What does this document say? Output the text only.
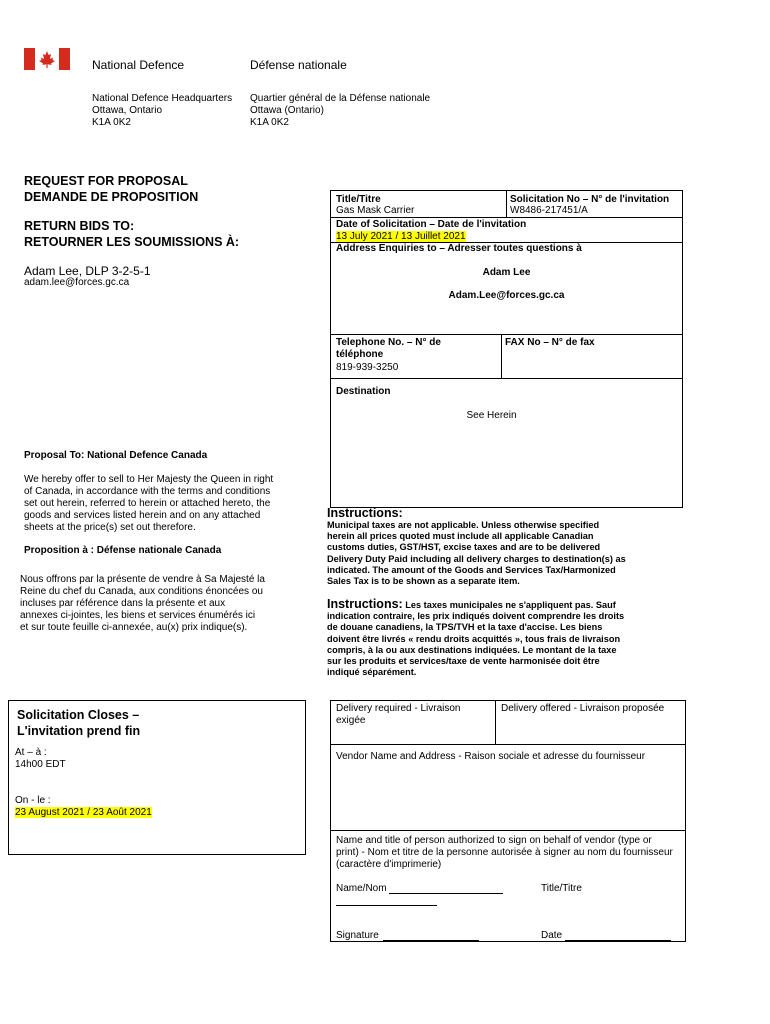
National Defence	Défense nationale
National Defence Headquarters
Ottawa, Ontario
K1A 0K2
Quartier général de la Défense nationale
Ottawa (Ontario)
K1A 0K2
REQUEST FOR PROPOSAL
DEMANDE DE PROPOSITION
RETURN BIDS TO:
RETOURNER LES SOUMISSIONS À:
Adam Lee, DLP 3-2-5-1
adam.lee@forces.gc.ca
Proposal To: National Defence Canada
We hereby offer to sell to Her Majesty the Queen in right of Canada, in accordance with the terms and conditions set out herein, referred to herein or attached hereto, the goods and services listed herein and on any attached sheets at the price(s) set out therefore.
Proposition à : Défense nationale Canada
Nous offrons par la présente de vendre à Sa Majesté la Reine du chef du Canada, aux conditions énoncées ou incluses par référence dans la présente et aux annexes ci-jointes, les biens et services énumérés ici et sur toute feuille ci-annexée, au(x) prix indique(s).
Solicitation Closes –
L'invitation prend fin
At – à :
14h00 EDT
On - le :
23 August 2021 / 23 Août 2021
Title/Titre
Gas Mask Carrier
Solicitation No – N° de l'invitation
W8486-217451/A
Date of Solicitation – Date de l'invitation
13 July 2021 / 13 Juillet 2021
Address Enquiries to – Adresser toutes questions à
Adam Lee
Adam.Lee@forces.gc.ca
Telephone No. – N° de téléphone
819-939-3250
FAX No – N° de fax
Destination
See Herein
Instructions:
Municipal taxes are not applicable. Unless otherwise specified herein all prices quoted must include all applicable Canadian customs duties, GST/HST, excise taxes and are to be delivered Delivery Duty Paid including all delivery charges to destination(s) as indicated. The amount of the Goods and Services Tax/Harmonized Sales Tax is to be shown as a separate item.
Instructions: Les taxes municipales ne s'appliquent pas. Sauf indication contraire, les prix indiqués doivent comprendre les droits de douane canadiens, la TPS/TVH et la taxe d'accise. Les biens doivent être livrés « rendu droits acquittés », tous frais de livraison compris, à la ou aux destinations indiquées. Le montant de la taxe sur les produits et services/taxe de vente harmonisée doit être indiqué séparément.
Delivery required - Livraison exigée
Delivery offered - Livraison proposée
Vendor Name and Address - Raison sociale et adresse du fournisseur
Name and title of person authorized to sign on behalf of vendor (type or print) - Nom et titre de la personne autorisée à signer au nom du fournisseur (caractère d'imprimerie)
Name/Nom	Title/Titre
Signature	Date
